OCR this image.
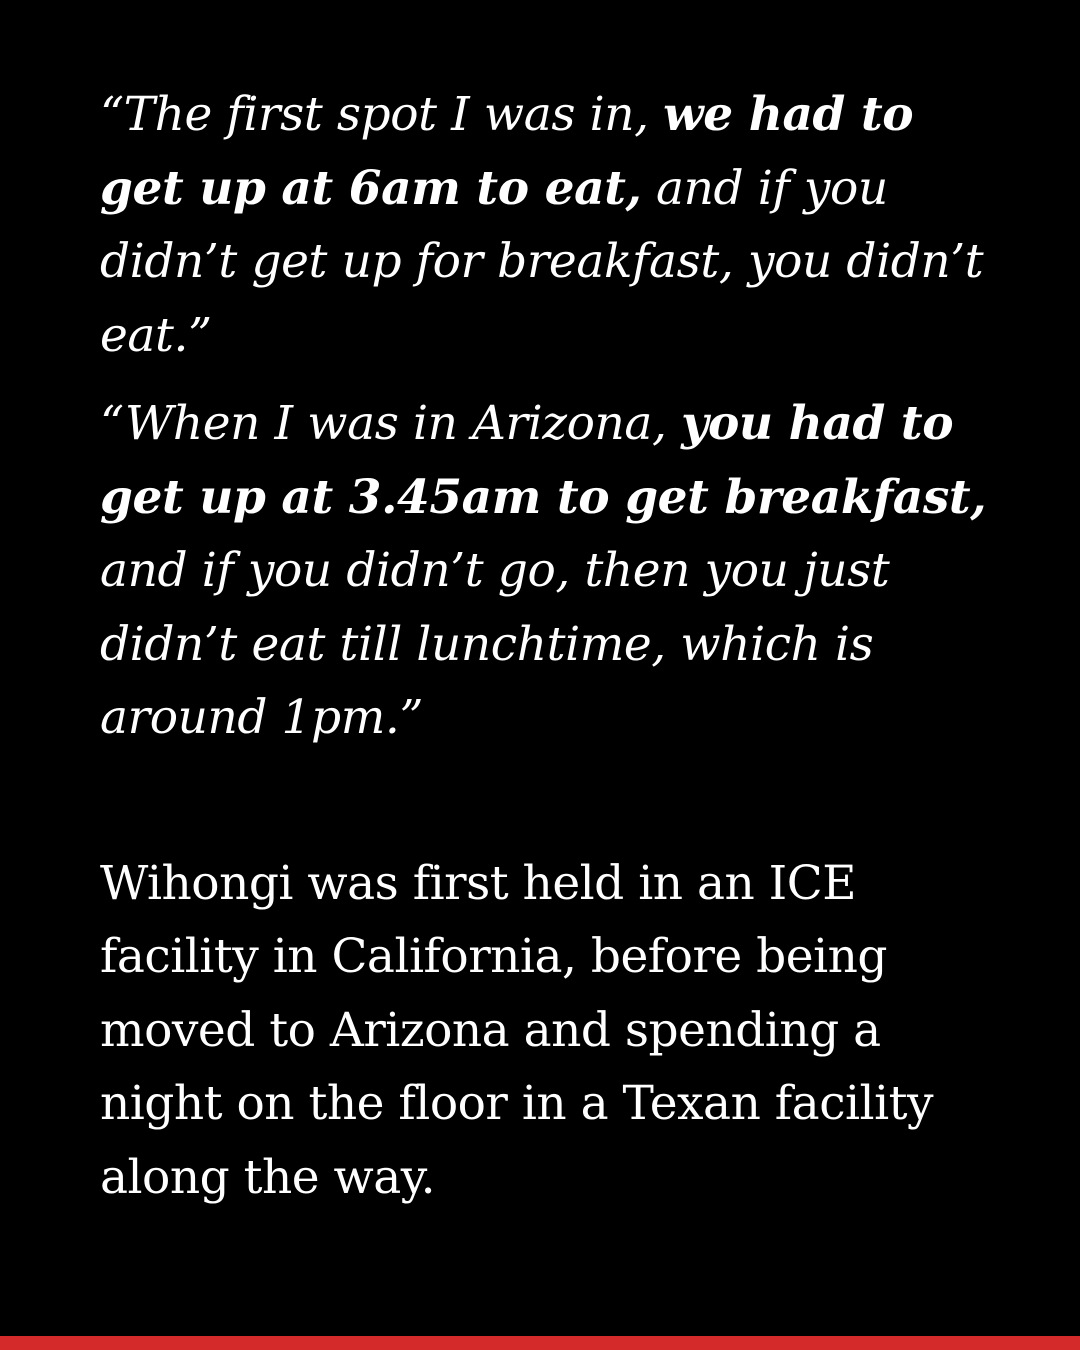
“The first spot I was in, we had to get up at 6am to eat, and if you didn’t get up for breakfast, you didn’t eat.”

“When I was in Arizona, you had to get up at 3.45am to get breakfast, and if you didn’t go, then you just didn’t eat till lunchtime, which is around 1pm.”

Wihongi was first held in an ICE facility in California, before being moved to Arizona and spending a night on the floor in a Texan facility along the way.
